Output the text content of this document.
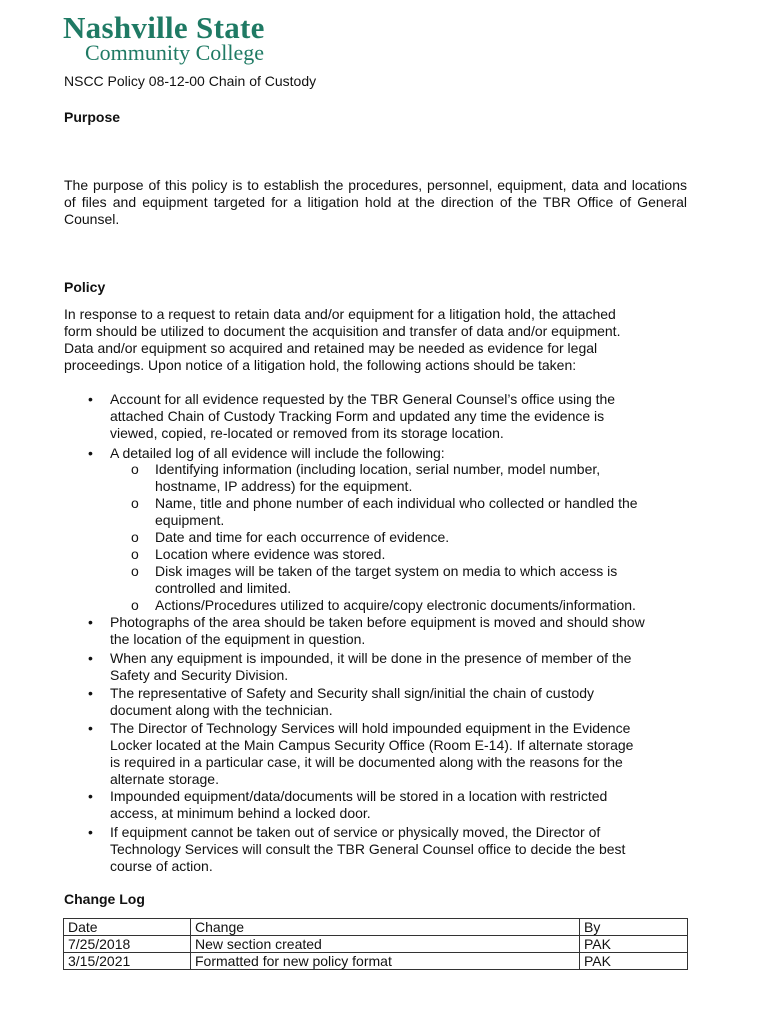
Nashville State
Community College
NSCC Policy 08-12-00 Chain of Custody
Purpose
The purpose of this policy is to establish the procedures, personnel, equipment, data and locations of files and equipment targeted for a litigation hold at the direction of the TBR Office of General Counsel.
Policy
In response to a request to retain data and/or equipment for a litigation hold, the attached
form should be utilized to document the acquisition and transfer of data and/or equipment.
Data and/or equipment so acquired and retained may be needed as evidence for legal
proceedings. Upon notice of a litigation hold, the following actions should be taken:
• Account for all evidence requested by the TBR General Counsel’s office using the
attached Chain of Custody Tracking Form and updated any time the evidence is
viewed, copied, re-located or removed from its storage location.
• A detailed log of all evidence will include the following:
o Identifying information (including location, serial number, model number,
hostname, IP address) for the equipment.
o Name, title and phone number of each individual who collected or handled the
equipment.
o Date and time for each occurrence of evidence.
o Location where evidence was stored.
o Disk images will be taken of the target system on media to which access is
controlled and limited.
o Actions/Procedures utilized to acquire/copy electronic documents/information.
• Photographs of the area should be taken before equipment is moved and should show
the location of the equipment in question.
• When any equipment is impounded, it will be done in the presence of member of the
Safety and Security Division.
• The representative of Safety and Security shall sign/initial the chain of custody
document along with the technician.
• The Director of Technology Services will hold impounded equipment in the Evidence
Locker located at the Main Campus Security Office (Room E-14). If alternate storage
is required in a particular case, it will be documented along with the reasons for the
alternate storage.
• Impounded equipment/data/documents will be stored in a location with restricted
access, at minimum behind a locked door.
• If equipment cannot be taken out of service or physically moved, the Director of
Technology Services will consult the TBR General Counsel office to decide the best
course of action.
Change Log
Date	Change	By
7/25/2018	New section created	PAK
3/15/2021	Formatted for new policy format	PAK
